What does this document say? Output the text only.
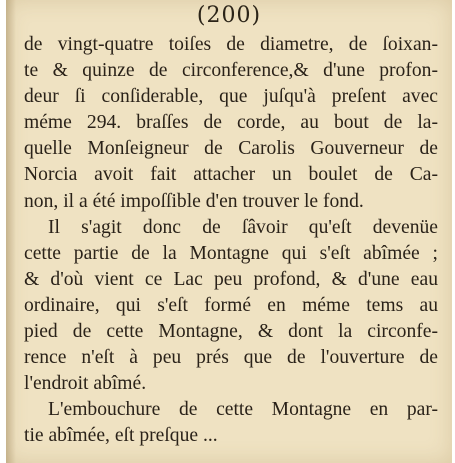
(200)
de vingt-quatre toiſes de diametre, de ſoixan-
te & quinze de circonference,& d'une profon-
deur ſi conſiderable, que juſqu'à preſent avec
méme 294. braſſes de corde, au bout de la-
quelle Monſeigneur de Carolis Gouverneur de
Norcia avoit fait attacher un boulet de Ca-
non, il a été impoſſible d'en trouver le fond.
Il s'agit donc de ſâvoir qu'eſt devenüe
cette partie de la Montagne qui s'eſt abîmée ;
& d'où vient ce Lac peu profond, & d'une eau
ordinaire, qui s'eſt formé en méme tems au
pied de cette Montagne, & dont la circonfe-
rence n'eſt à peu prés que de l'ouverture de
l'endroit abîmé.
L'embouchure de cette Montagne en par-
tie abîmée, eſt preſque ...
